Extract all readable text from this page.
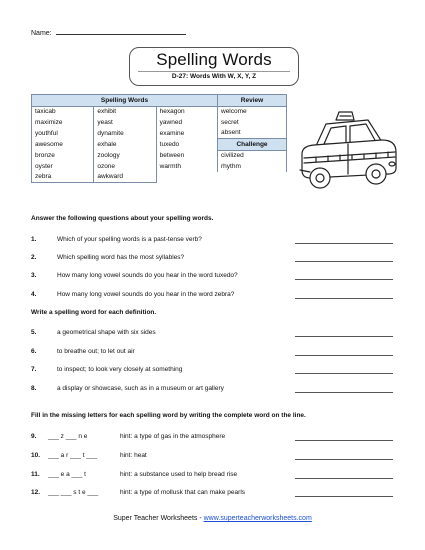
Name:
Spelling Words
D-27: Words With W, X, Y, Z
Spelling Words			Review
taxicab	exhibit	hexagon	welcome
maximize	yeast	yawned	secret
youthful	dynamite	examine	absent
awesome	exhale	tuxedo	Challenge
bronze	zoology	between	civilized
oyster	ozone	warmth	rhythm
zebra	awkward		
Answer the following questions about your spelling words.
1.	Which of your spelling words is a past-tense verb?
2.	Which spelling word has the most syllables?
3.	How many long vowel sounds do you hear in the word tuxedo?
4.	How many long vowel sounds do you hear in the word zebra?
Write a spelling word for each definition.
5.	a geometrical shape with six sides
6.	to breathe out; to let out air
7.	to inspect; to look very closely at something
8.	a display or showcase, such as in a museum or art gallery
Fill in the missing letters for each spelling word by writing the complete word on the line.
9. ___ z ___ n e	hint: a type of gas in the atmosphere
10. ___ a r ___ t ___	hint: heat
11. ___ e a ___ t	hint: a substance used to help bread rise
12. ___ ___ s t e ___	hint: a type of mollusk that can make pearls
Super Teacher Worksheets - www.superteacherworksheets.com
